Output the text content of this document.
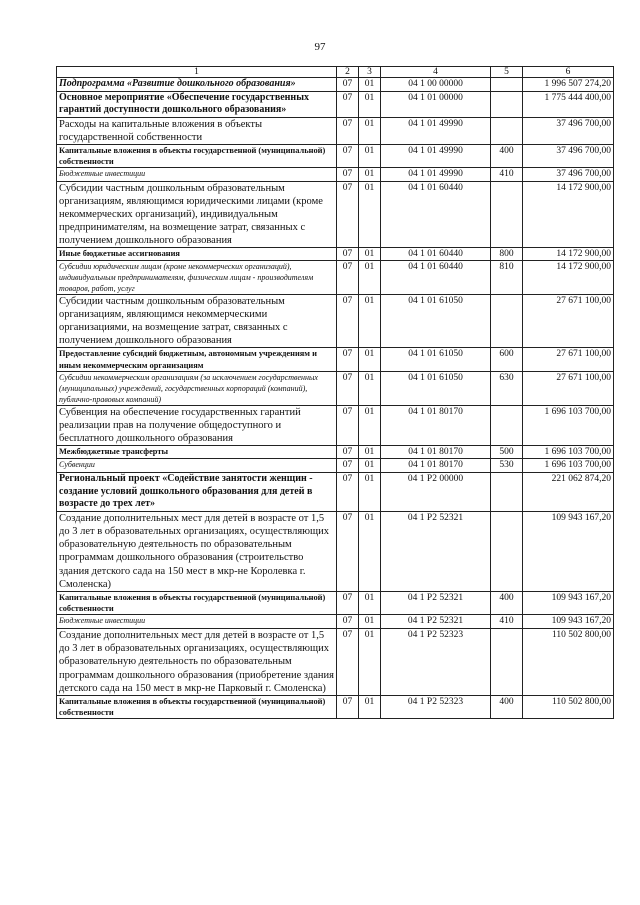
97
1	2	3	4	5	6
Подпрограмма «Развитие дошкольного образования»	07	01	04 1 00 00000		1 996 507 274,20
Основное мероприятие «Обеспечение государственных гарантий доступности дошкольного образования»	07	01	04 1 01 00000		1 775 444 400,00
Расходы на капитальные вложения в объекты государственной собственности	07	01	04 1 01 49990		37 496 700,00
Капитальные вложения в объекты государственной (муниципальной) собственности	07	01	04 1 01 49990	400	37 496 700,00
Бюджетные инвестиции	07	01	04 1 01 49990	410	37 496 700,00
Субсидии частным дошкольным образовательным организациям, являющимся юридическими лицами (кроме некоммерческих организаций), индивидуальным предпринимателям, на возмещение затрат, связанных с получением дошкольного образования	07	01	04 1 01 60440		14 172 900,00
Иные бюджетные ассигнования	07	01	04 1 01 60440	800	14 172 900,00
Субсидии юридическим лицам (кроме некоммерческих организаций), индивидуальным предпринимателям, физическим лицам - производителям товаров, работ, услуг	07	01	04 1 01 60440	810	14 172 900,00
Субсидии частным дошкольным образовательным организациям, являющимся некоммерческими организациями, на возмещение затрат, связанных с получением дошкольного образования	07	01	04 1 01 61050		27 671 100,00
Предоставление субсидий бюджетным, автономным учреждениям и иным некоммерческим организациям	07	01	04 1 01 61050	600	27 671 100,00
Субсидии некоммерческим организациям (за исключением государственных (муниципальных) учреждений, государственных корпораций (компаний), публично-правовых компаний)	07	01	04 1 01 61050	630	27 671 100,00
Субвенция на обеспечение государственных гарантий реализации прав на получение общедоступного и бесплатного дошкольного образования	07	01	04 1 01 80170		1 696 103 700,00
Межбюджетные трансферты	07	01	04 1 01 80170	500	1 696 103 700,00
Субвенции	07	01	04 1 01 80170	530	1 696 103 700,00
Региональный проект «Содействие занятости женщин - создание условий дошкольного образования для детей в возрасте до трех лет»	07	01	04 1 P2 00000		221 062 874,20
Создание дополнительных мест для детей в возрасте от 1,5 до 3 лет в образовательных организациях, осуществляющих образовательную деятельность по образовательным программам дошкольного образования (строительство здания детского сада на 150 мест в мкр-не Королевка г. Смоленска)	07	01	04 1 P2 52321		109 943 167,20
Капитальные вложения в объекты государственной (муниципальной) собственности	07	01	04 1 P2 52321	400	109 943 167,20
Бюджетные инвестиции	07	01	04 1 P2 52321	410	109 943 167,20
Создание дополнительных мест для детей в возрасте от 1,5 до 3 лет в образовательных организациях, осуществляющих образовательную деятельность по образовательным программам дошкольного образования (приобретение здания детского сада на 150 мест в мкр-не Парковый г. Смоленска)	07	01	04 1 P2 52323		110 502 800,00
Капитальные вложения в объекты государственной (муниципальной) собственности	07	01	04 1 P2 52323	400	110 502 800,00
